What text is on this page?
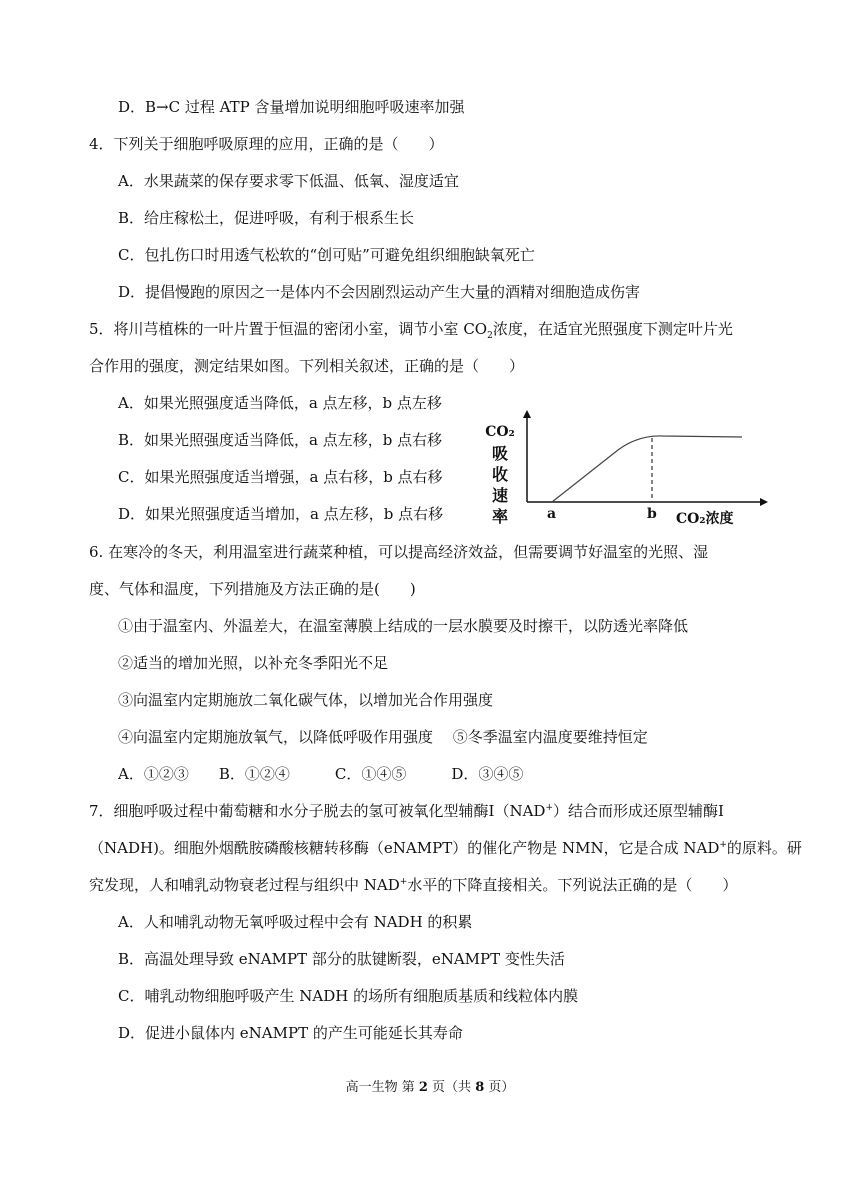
D．B→C 过程 ATP 含量增加说明细胞呼吸速率加强
4．下列关于细胞呼吸原理的应用，正确的是（　　）
A．水果蔬菜的保存要求零下低温、低氧、湿度适宜
B．给庄稼松土，促进呼吸，有利于根系生长
C．包扎伤口时用透气松软的“创可贴”可避免组织细胞缺氧死亡
D．提倡慢跑的原因之一是体内不会因剧烈运动产生大量的酒精对细胞造成伤害
5．将川芎植株的一叶片置于恒温的密闭小室，调节小室 $CO_2$浓度，在适宜光照强度下测定叶片光
合作用的强度，测定结果如图。下列相关叙述，正确的是（　　）
A．如果光照强度适当降低，a 点左移，b 点左移
B．如果光照强度适当降低，a 点左移，b 点右移
C．如果光照强度适当增强，a 点右移，b 点右移
D．如果光照强度适当增加，a 点左移，b 点右移
CO₂
吸
收
速
率	a	b CO₂浓度
6. 在寒冷的冬天，利用温室进行蔬菜种植，可以提高经济效益，但需要调节好温室的光照、湿
度、气体和温度，下列措施及方法正确的是(　　)
①由于温室内、外温差大，在温室薄膜上结成的一层水膜要及时擦干，以防透光率降低
②适当的增加光照，以补充冬季阳光不足
③向温室内定期施放二氧化碳气体，以增加光合作用强度
④向温室内定期施放氧气，以降低呼吸作用强度　 ⑤冬季温室内温度要维持恒定
A．①②③　　B．①②④　　　C．①④⑤　　　D．③④⑤
7．细胞呼吸过程中葡萄糖和水分子脱去的氢可被氧化型辅酶Ⅰ（NAD+）结合而形成还原型辅酶Ⅰ
（NADH)。细胞外烟酰胺磷酸核糖转移酶（eNAMPT）的催化产物是 NMN，它是合成 NAD+的原料。研
究发现，人和哺乳动物衰老过程与组织中 NAD+水平的下降直接相关。下列说法正确的是（　　）
A．人和哺乳动物无氧呼吸过程中会有 NADH 的积累
B．高温处理导致 eNAMPT 部分的肽键断裂，eNAMPT 变性失活
C．哺乳动物细胞呼吸产生 NADH 的场所有细胞质基质和线粒体内膜
D．促进小鼠体内 eNAMPT 的产生可能延长其寿命
高一生物 第 2 页（共 8 页）
